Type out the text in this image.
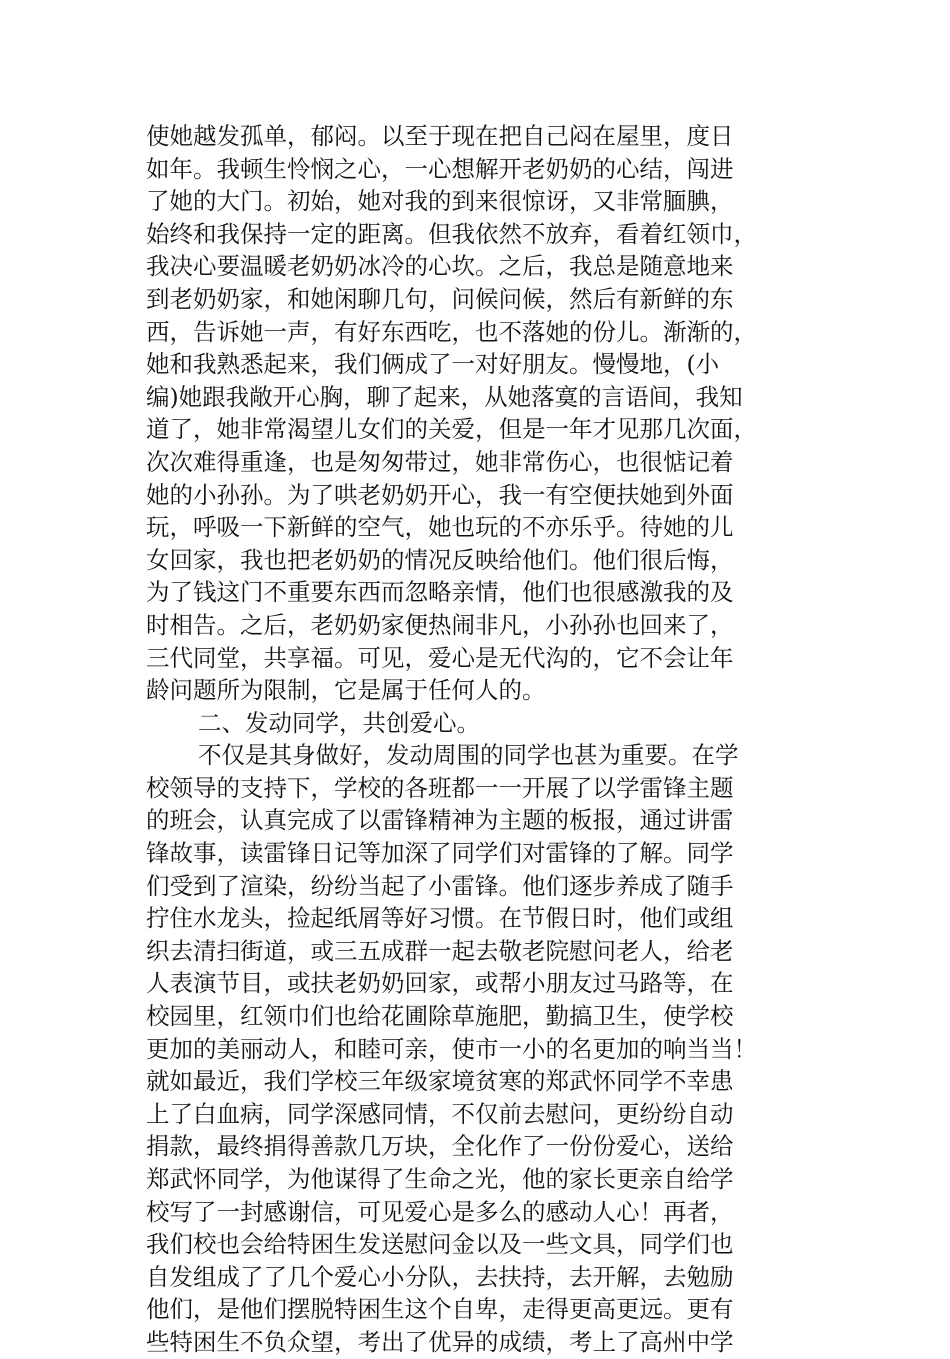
使她越发孤单，郁闷。以至于现在把自己闷在屋里，度日
如年。我顿生怜悯之心，一心想解开老奶奶的心结，闯进
了她的大门。初始，她对我的到来很惊讶，又非常腼腆，
始终和我保持一定的距离。但我依然不放弃，看着红领巾，
我决心要温暖老奶奶冰冷的心坎。之后，我总是随意地来
到老奶奶家，和她闲聊几句，问候问候，然后有新鲜的东
西，告诉她一声，有好东西吃，也不落她的份儿。渐渐的，
她和我熟悉起来，我们俩成了一对好朋友。慢慢地，(小
编)她跟我敞开心胸，聊了起来，从她落寞的言语间，我知
道了，她非常渴望儿女们的关爱，但是一年才见那几次面，
次次难得重逢，也是匆匆带过，她非常伤心，也很惦记着
她的小孙孙。为了哄老奶奶开心，我一有空便扶她到外面
玩，呼吸一下新鲜的空气，她也玩的不亦乐乎。待她的儿
女回家，我也把老奶奶的情况反映给他们。他们很后悔，
为了钱这门不重要东西而忽略亲情，他们也很感激我的及
时相告。之后，老奶奶家便热闹非凡，小孙孙也回来了，
三代同堂，共享福。可见，爱心是无代沟的，它不会让年
龄问题所为限制，它是属于任何人的。
二、发动同学，共创爱心。
不仅是其身做好，发动周围的同学也甚为重要。在学
校领导的支持下，学校的各班都一一开展了以学雷锋主题
的班会，认真完成了以雷锋精神为主题的板报，通过讲雷
锋故事，读雷锋日记等加深了同学们对雷锋的了解。同学
们受到了渲染，纷纷当起了小雷锋。他们逐步养成了随手
拧住水龙头，捡起纸屑等好习惯。在节假日时，他们或组
织去清扫街道，或三五成群一起去敬老院慰问老人，给老
人表演节目，或扶老奶奶回家，或帮小朋友过马路等，在
校园里，红领巾们也给花圃除草施肥，勤搞卫生，使学校
更加的美丽动人，和睦可亲，使市一小的名更加的响当当！
就如最近，我们学校三年级家境贫寒的郑武怀同学不幸患
上了白血病，同学深感同情，不仅前去慰问，更纷纷自动
捐款，最终捐得善款几万块，全化作了一份份爱心，送给
郑武怀同学，为他谋得了生命之光，他的家长更亲自给学
校写了一封感谢信，可见爱心是多么的感动人心！再者，
我们校也会给特困生发送慰问金以及一些文具，同学们也
自发组成了了几个爱心小分队，去扶持，去开解，去勉励
他们，是他们摆脱特困生这个自卑，走得更高更远。更有
些特困生不负众望，考出了优异的成绩，考上了高州中学
